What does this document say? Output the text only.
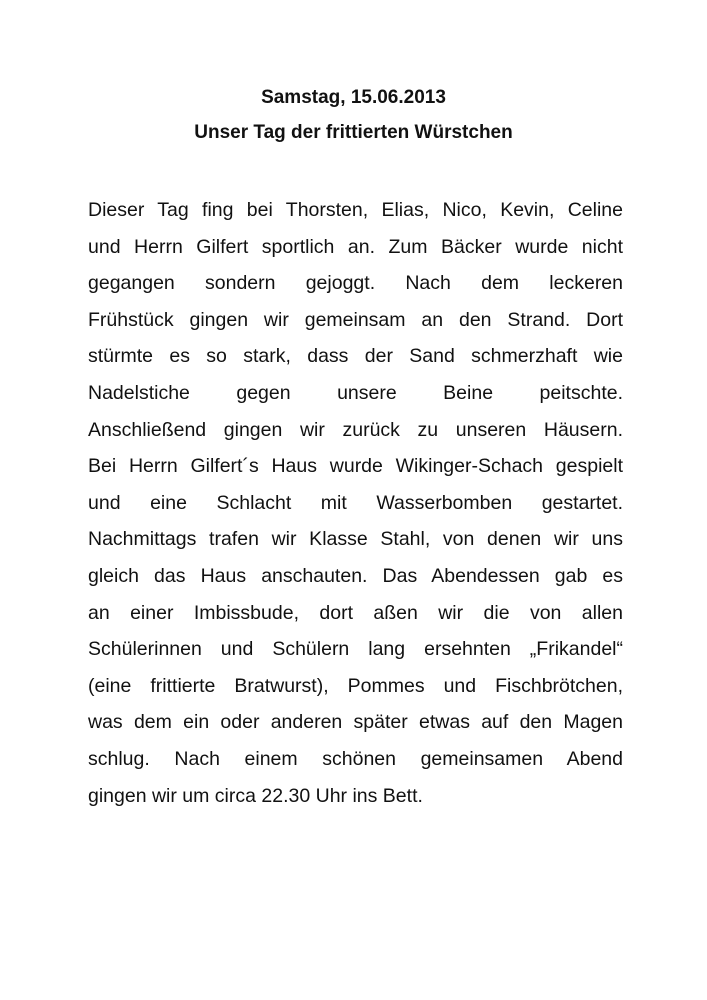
Samstag, 15.06.2013
Unser Tag der frittierten Würstchen
Dieser Tag fing bei Thorsten, Elias, Nico, Kevin, Celine
und Herrn Gilfert sportlich an. Zum Bäcker wurde nicht
gegangen sondern gejoggt. Nach dem leckeren
Frühstück gingen wir gemeinsam an den Strand. Dort
stürmte es so stark, dass der Sand schmerzhaft wie
Nadelstiche gegen unsere Beine peitschte.
Anschließend gingen wir zurück zu unseren Häusern.
Bei Herrn Gilfert´s Haus wurde Wikinger-Schach gespielt
und eine Schlacht mit Wasserbomben gestartet.
Nachmittags trafen wir Klasse Stahl, von denen wir uns
gleich das Haus anschauten. Das Abendessen gab es
an einer Imbissbude, dort aßen wir die von allen
Schülerinnen und Schülern lang ersehnten „Frikandel“
(eine frittierte Bratwurst), Pommes und Fischbrötchen,
was dem ein oder anderen später etwas auf den Magen
schlug. Nach einem schönen gemeinsamen Abend
gingen wir um circa 22.30 Uhr ins Bett.
